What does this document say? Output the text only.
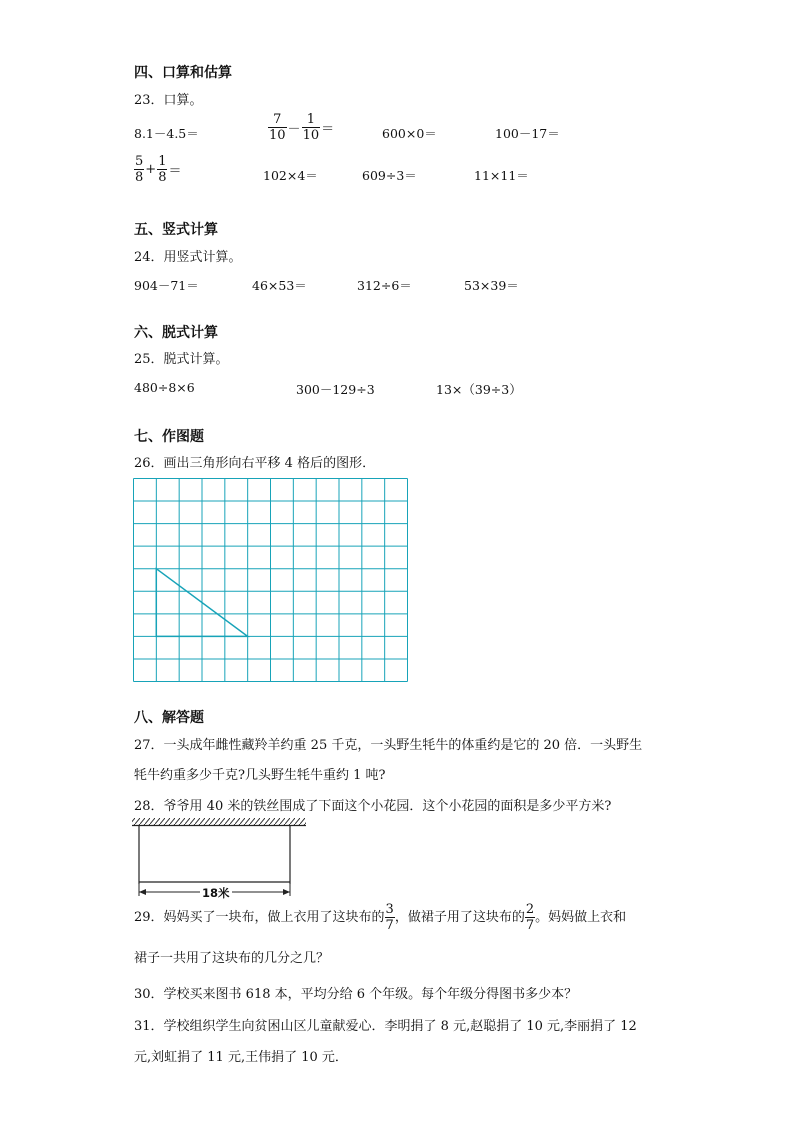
四、口算和估算
23．口算。
8.1－4.5＝	$\frac{7}{10} - \frac{1}{10}$ ＝	600×0＝	100－17＝
$\frac{5}{8} + \frac{1}{8}$ ＝	102×4＝	609÷3＝	11×11＝
五、竖式计算
24．用竖式计算。
904－71＝	46×53＝	312÷6＝	53×39＝
六、脱式计算
25．脱式计算。
480÷8×6	300－129÷3	13×（39÷3）
七、作图题
26．画出三角形向右平移 4 格后的图形．
八、解答题
27．一头成年雌性藏羚羊约重 25 千克，一头野生牦牛的体重约是它的 20 倍．一头野生
牦牛约重多少千克?几头野生牦牛重约 1 吨?
28．爷爷用 40 米的铁丝围成了下面这个小花园．这个小花园的面积是多少平方米?
18米
29．妈妈买了一块布，做上衣用了这块布的 $\frac{3}{7}$ ，做裙子用了这块布的 $\frac{2}{7}$ 。妈妈做上衣和
裙子一共用了这块布的几分之几？
30．学校买来图书 618 本，平均分给 6 个年级。每个年级分得图书多少本？
31．学校组织学生向贫困山区儿童献爱心．李明捐了 8 元,赵聪捐了 10 元,李丽捐了 12
元,刘虹捐了 11 元,王伟捐了 10 元．
